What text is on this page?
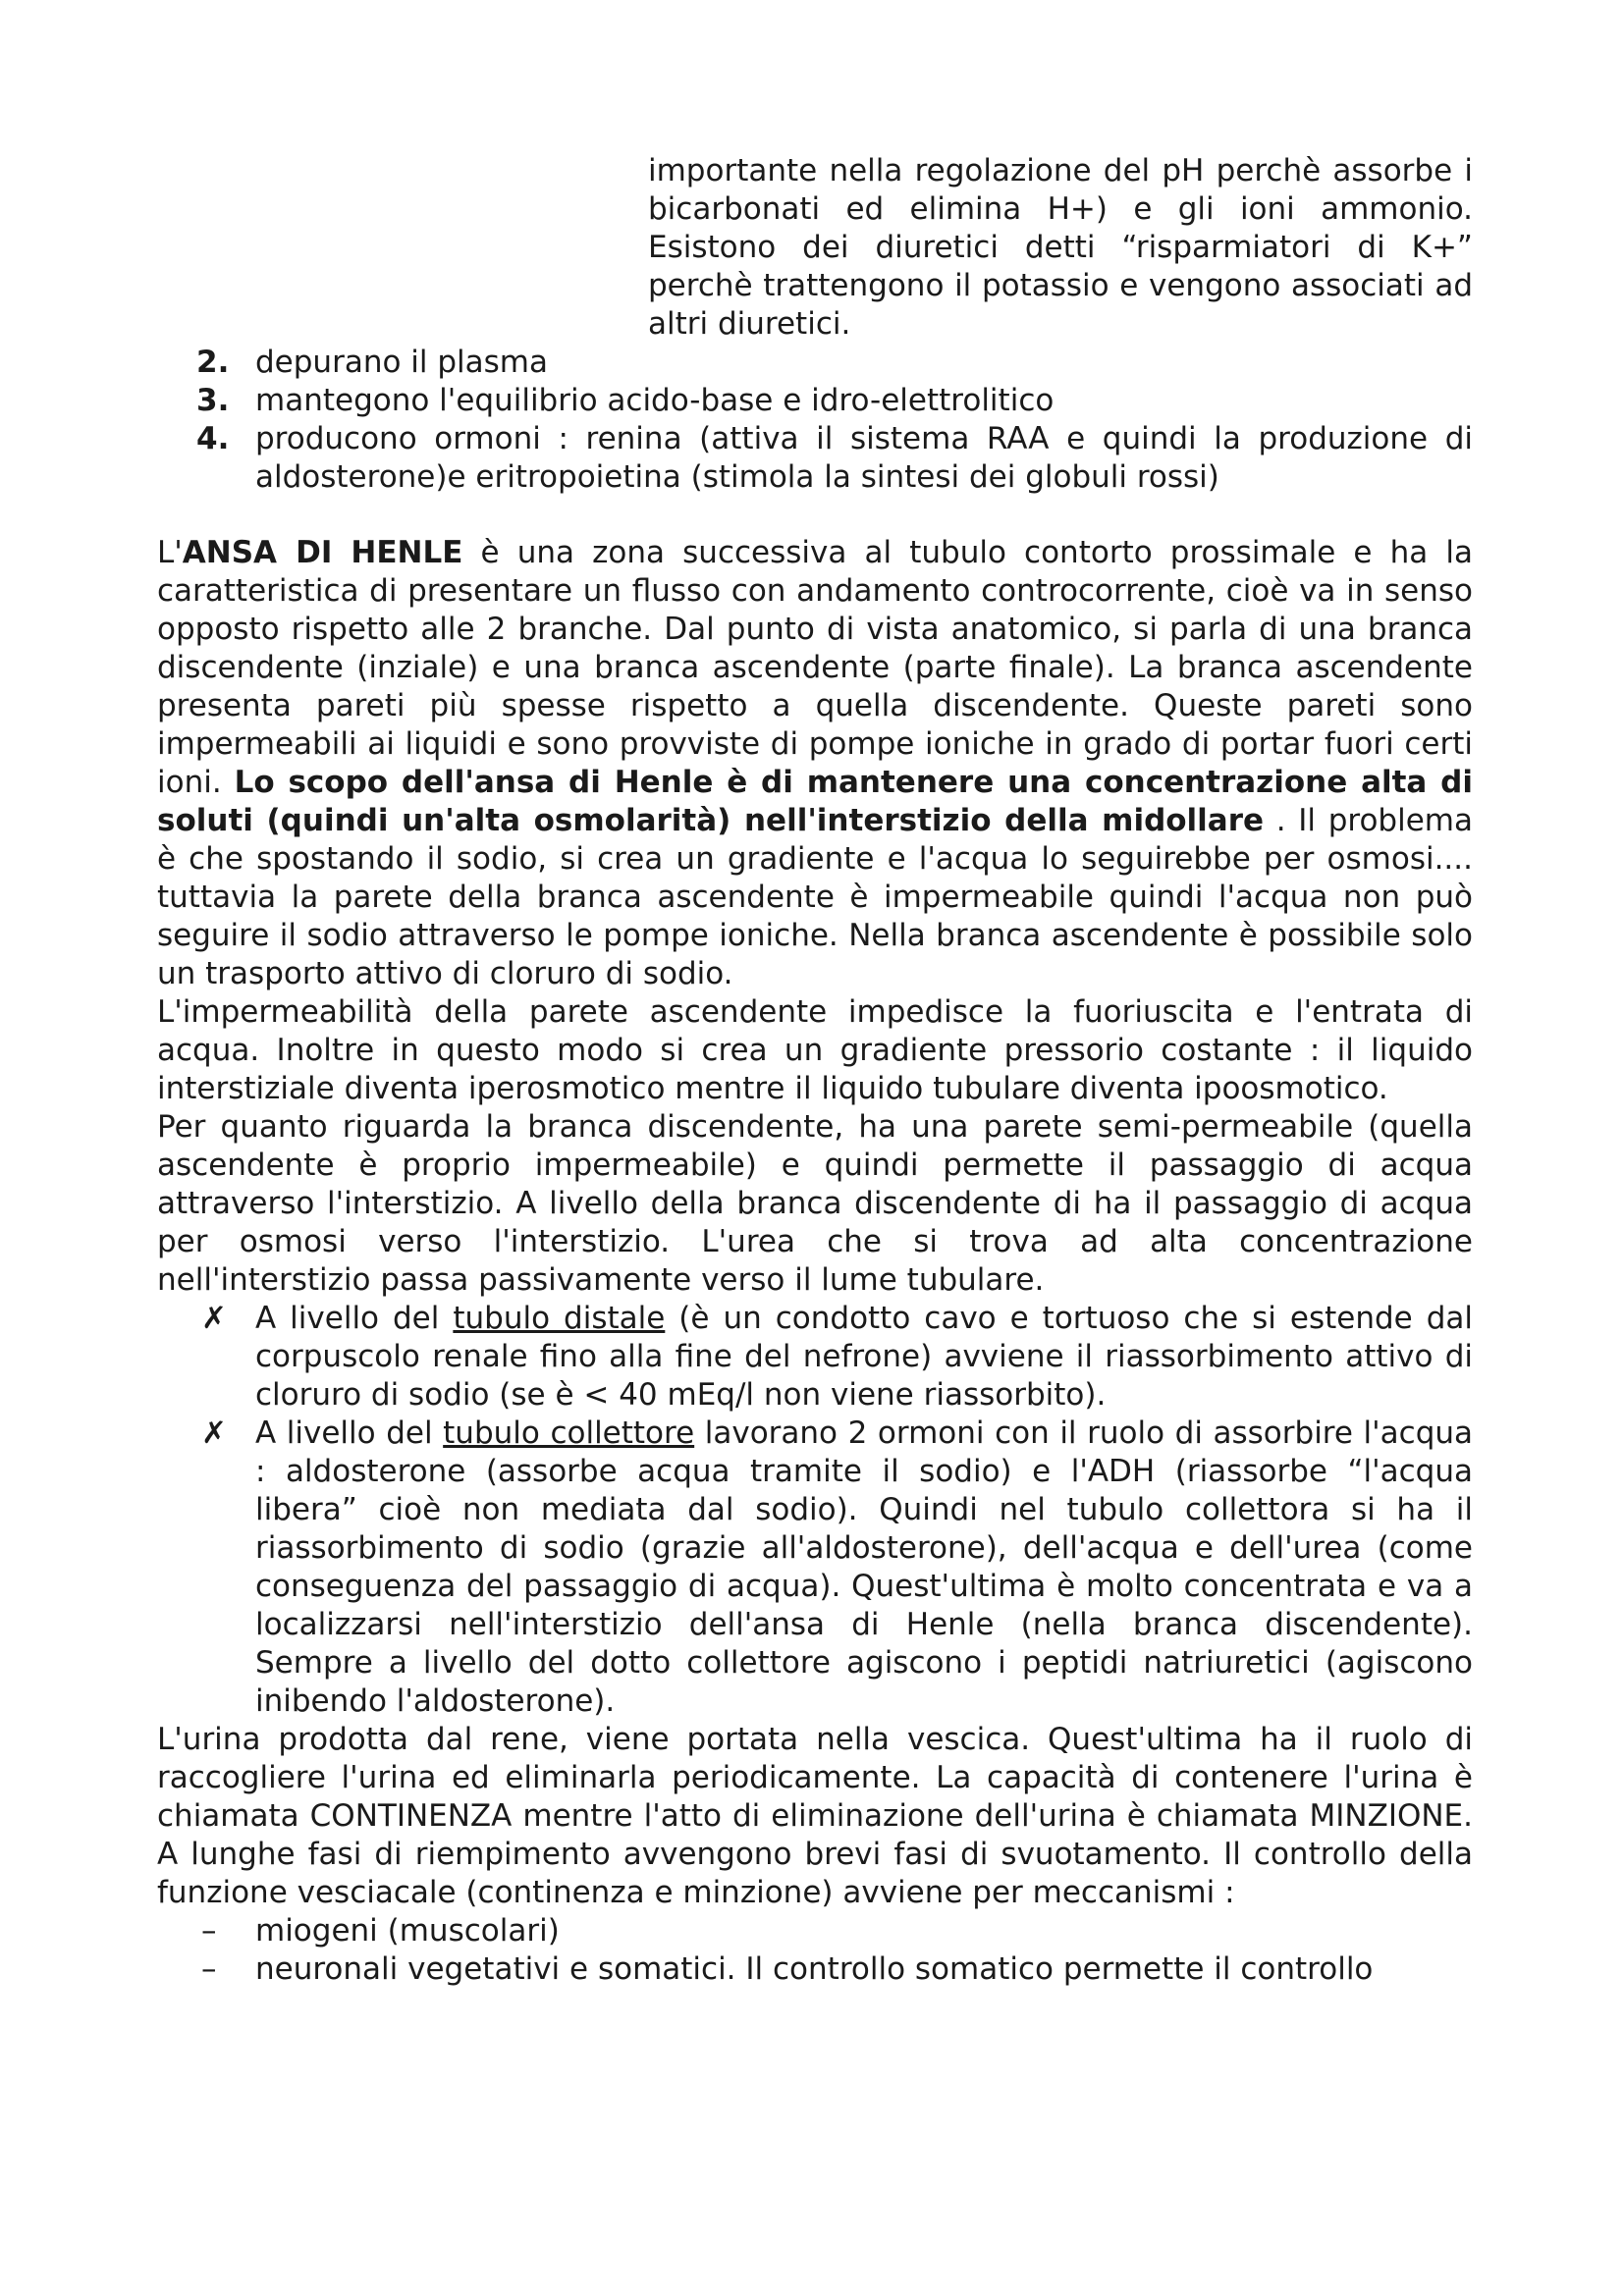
importante nella regolazione del pH perchè assorbe i bicarbonati ed elimina H+) e gli ioni ammonio. Esistono dei diuretici detti “risparmiatori di K+” perchè trattengono il potassio e vengono associati ad altri diuretici.

2. depurano il plasma
3. mantegono l'equilibrio acido-base e idro-elettrolitico
4. producono ormoni : renina (attiva il sistema RAA e quindi la produzione di aldosterone)e eritropoietina (stimola la sintesi dei globuli rossi)

L'ANSA DI HENLE è una zona successiva al tubulo contorto prossimale e ha la caratteristica di presentare un flusso con andamento controcorrente, cioè va in senso opposto rispetto alle 2 branche. Dal punto di vista anatomico, si parla di una branca discendente (inziale) e una branca ascendente (parte finale). La branca ascendente presenta pareti più spesse rispetto a quella discendente. Queste pareti sono impermeabili ai liquidi e sono provviste di pompe ioniche in grado di portar fuori certi ioni. Lo scopo dell'ansa di Henle è di mantenere una concentrazione alta di soluti (quindi un'alta osmolarità) nell'interstizio della midollare . Il problema è che spostando il sodio, si crea un gradiente e l'acqua lo seguirebbe per osmosi.... tuttavia la parete della branca ascendente è impermeabile quindi l'acqua non può seguire il sodio attraverso le pompe ioniche. Nella branca ascendente è possibile solo un trasporto attivo di cloruro di sodio.

L'impermeabilità della parete ascendente impedisce la fuoriuscita e l'entrata di acqua. Inoltre in questo modo si crea un gradiente pressorio costante : il liquido interstiziale diventa iperosmotico mentre il liquido tubulare diventa ipoosmotico.

Per quanto riguarda la branca discendente, ha una parete semi-permeabile (quella ascendente è proprio impermeabile) e quindi permette il passaggio di acqua attraverso l'interstizio. A livello della branca discendente di ha il passaggio di acqua per osmosi verso l'interstizio. L'urea che si trova ad alta concentrazione nell'interstizio passa passivamente verso il lume tubulare.

✗ A livello del tubulo distale (è un condotto cavo e tortuoso che si estende dal corpuscolo renale fino alla fine del nefrone) avviene il riassorbimento attivo di cloruro di sodio (se è < 40 mEq/l non viene riassorbito).
✗ A livello del tubulo collettore lavorano 2 ormoni con il ruolo di assorbire l'acqua : aldosterone (assorbe acqua tramite il sodio) e l'ADH (riassorbe “l'acqua libera” cioè non mediata dal sodio). Quindi nel tubulo collettora si ha il riassorbimento di sodio (grazie all'aldosterone), dell'acqua e dell'urea (come conseguenza del passaggio di acqua). Quest'ultima è molto concentrata e va a localizzarsi nell'interstizio dell'ansa di Henle (nella branca discendente). Sempre a livello del dotto collettore agiscono i peptidi natriuretici (agiscono inibendo l'aldosterone).

L'urina prodotta dal rene, viene portata nella vescica. Quest'ultima ha il ruolo di raccogliere l'urina ed eliminarla periodicamente. La capacità di contenere l'urina è chiamata CONTINENZA mentre l'atto di eliminazione dell'urina è chiamata MINZIONE. A lunghe fasi di riempimento avvengono brevi fasi di svuotamento. Il controllo della funzione vesciacale (continenza e minzione) avviene per meccanismi :

– miogeni (muscolari)
– neuronali vegetativi e somatici. Il controllo somatico permette il controllo
